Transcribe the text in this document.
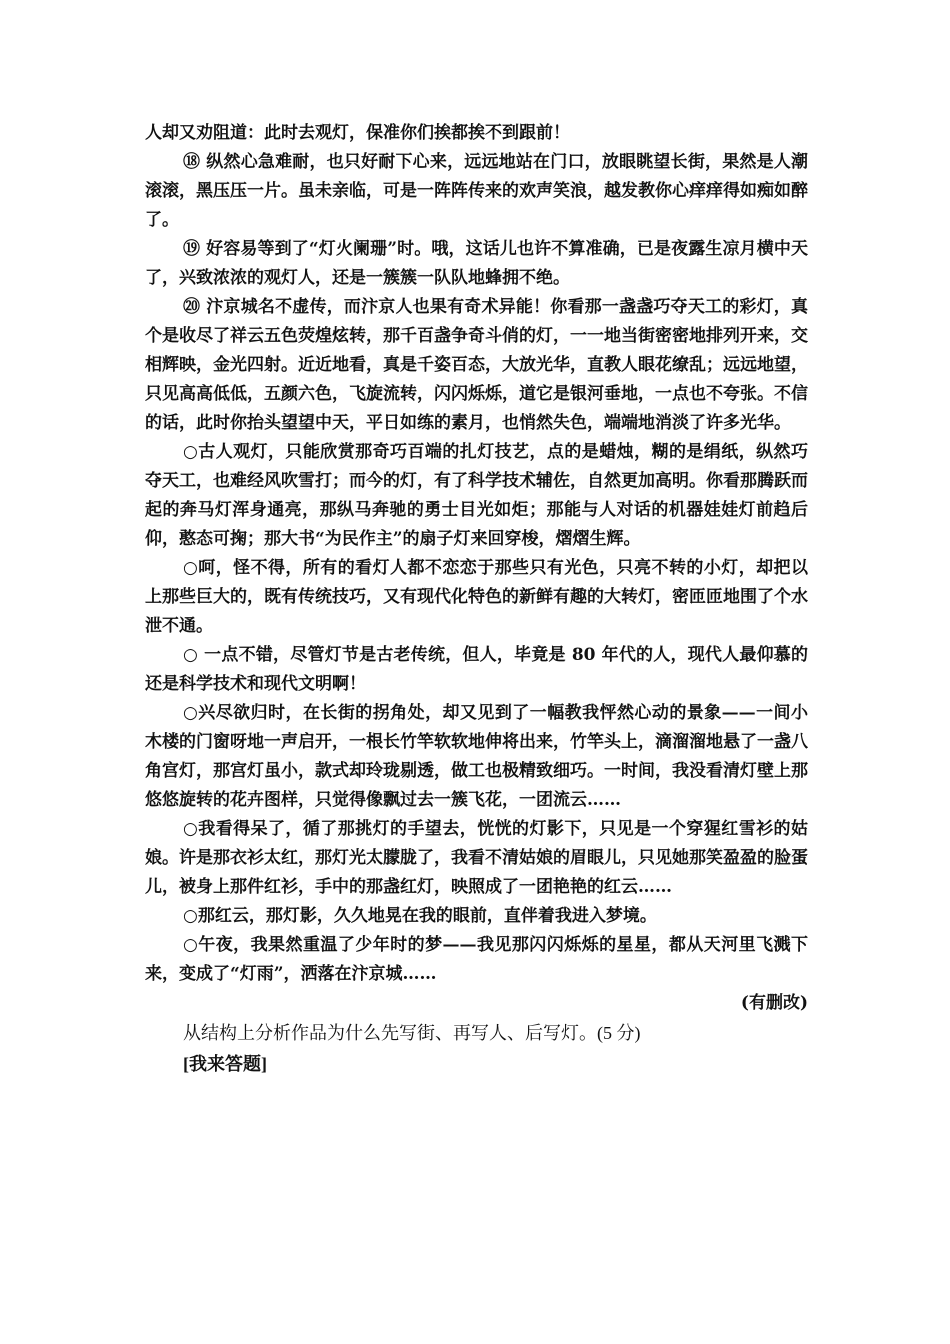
人却又劝阻道：此时去观灯，保准你们挨都挨不到跟前！

⑱ 纵然心急难耐，也只好耐下心来，远远地站在门口，放眼眺望长街，果然是人潮滚滚，黑压压一片。虽未亲临，可是一阵阵传来的欢声笑浪，越发教你心痒痒得如痴如醉了。

⑲ 好容易等到了“灯火阑珊”时。哦，这话儿也许不算准确，已是夜露生凉月横中天了，兴致浓浓的观灯人，还是一簇簇一队队地蜂拥不绝。

⑳ 汴京城名不虚传，而汴京人也果有奇术异能！你看那一盏盏巧夺天工的彩灯，真个是收尽了祥云五色荧煌炫转，那千百盏争奇斗俏的灯，一一地当街密密地排列开来，交相辉映，金光四射。近近地看，真是千姿百态，大放光华，直教人眼花缭乱；远远地望，只见高高低低，五颜六色，飞旋流转，闪闪烁烁，道它是银河垂地，一点也不夸张。不信的话，此时你抬头望望中天，平日如练的素月，也悄然失色，端端地消淡了许多光华。

○古人观灯，只能欣赏那奇巧百端的扎灯技艺，点的是蜡烛，糊的是绢纸，纵然巧夺天工，也难经风吹雪打；而今的灯，有了科学技术辅佐，自然更加高明。你看那腾跃而起的奔马灯浑身通亮，那纵马奔驰的勇士目光如炬；那能与人对话的机器娃娃灯前趋后仰，憨态可掬；那大书“为民作主”的扇子灯来回穿梭，熠熠生辉。

○呵，怪不得，所有的看灯人都不恋恋于那些只有光色，只亮不转的小灯，却把以上那些巨大的，既有传统技巧，又有现代化特色的新鲜有趣的大转灯，密匝匝地围了个水泄不通。

○ 一点不错，尽管灯节是古老传统，但人，毕竟是 80 年代的人，现代人最仰慕的还是科学技术和现代文明啊！

○兴尽欲归时，在长街的拐角处，却又见到了一幅教我怦然心动的景象——一间小木楼的门窗呀地一声启开，一根长竹竿软软地伸将出来，竹竿头上，滴溜溜地悬了一盏八角宫灯，那宫灯虽小，款式却玲珑剔透，做工也极精致细巧。一时间，我没看清灯壁上那悠悠旋转的花卉图样，只觉得像飘过去一簇飞花，一团流云……

○我看得呆了，循了那挑灯的手望去，恍恍的灯影下，只见是一个穿猩红雪衫的姑娘。许是那衣衫太红，那灯光太朦胧了，我看不清姑娘的眉眼儿，只见她那笑盈盈的脸蛋儿，被身上那件红衫，手中的那盏红灯，映照成了一团艳艳的红云……

○那红云，那灯影，久久地晃在我的眼前，直伴着我进入梦境。

○午夜，我果然重温了少年时的梦——我见那闪闪烁烁的星星，都从天河里飞溅下来，变成了“灯雨”，洒落在汴京城……

(有删改)

从结构上分析作品为什么先写街、再写人、后写灯。(5 分)

[我来答题]
